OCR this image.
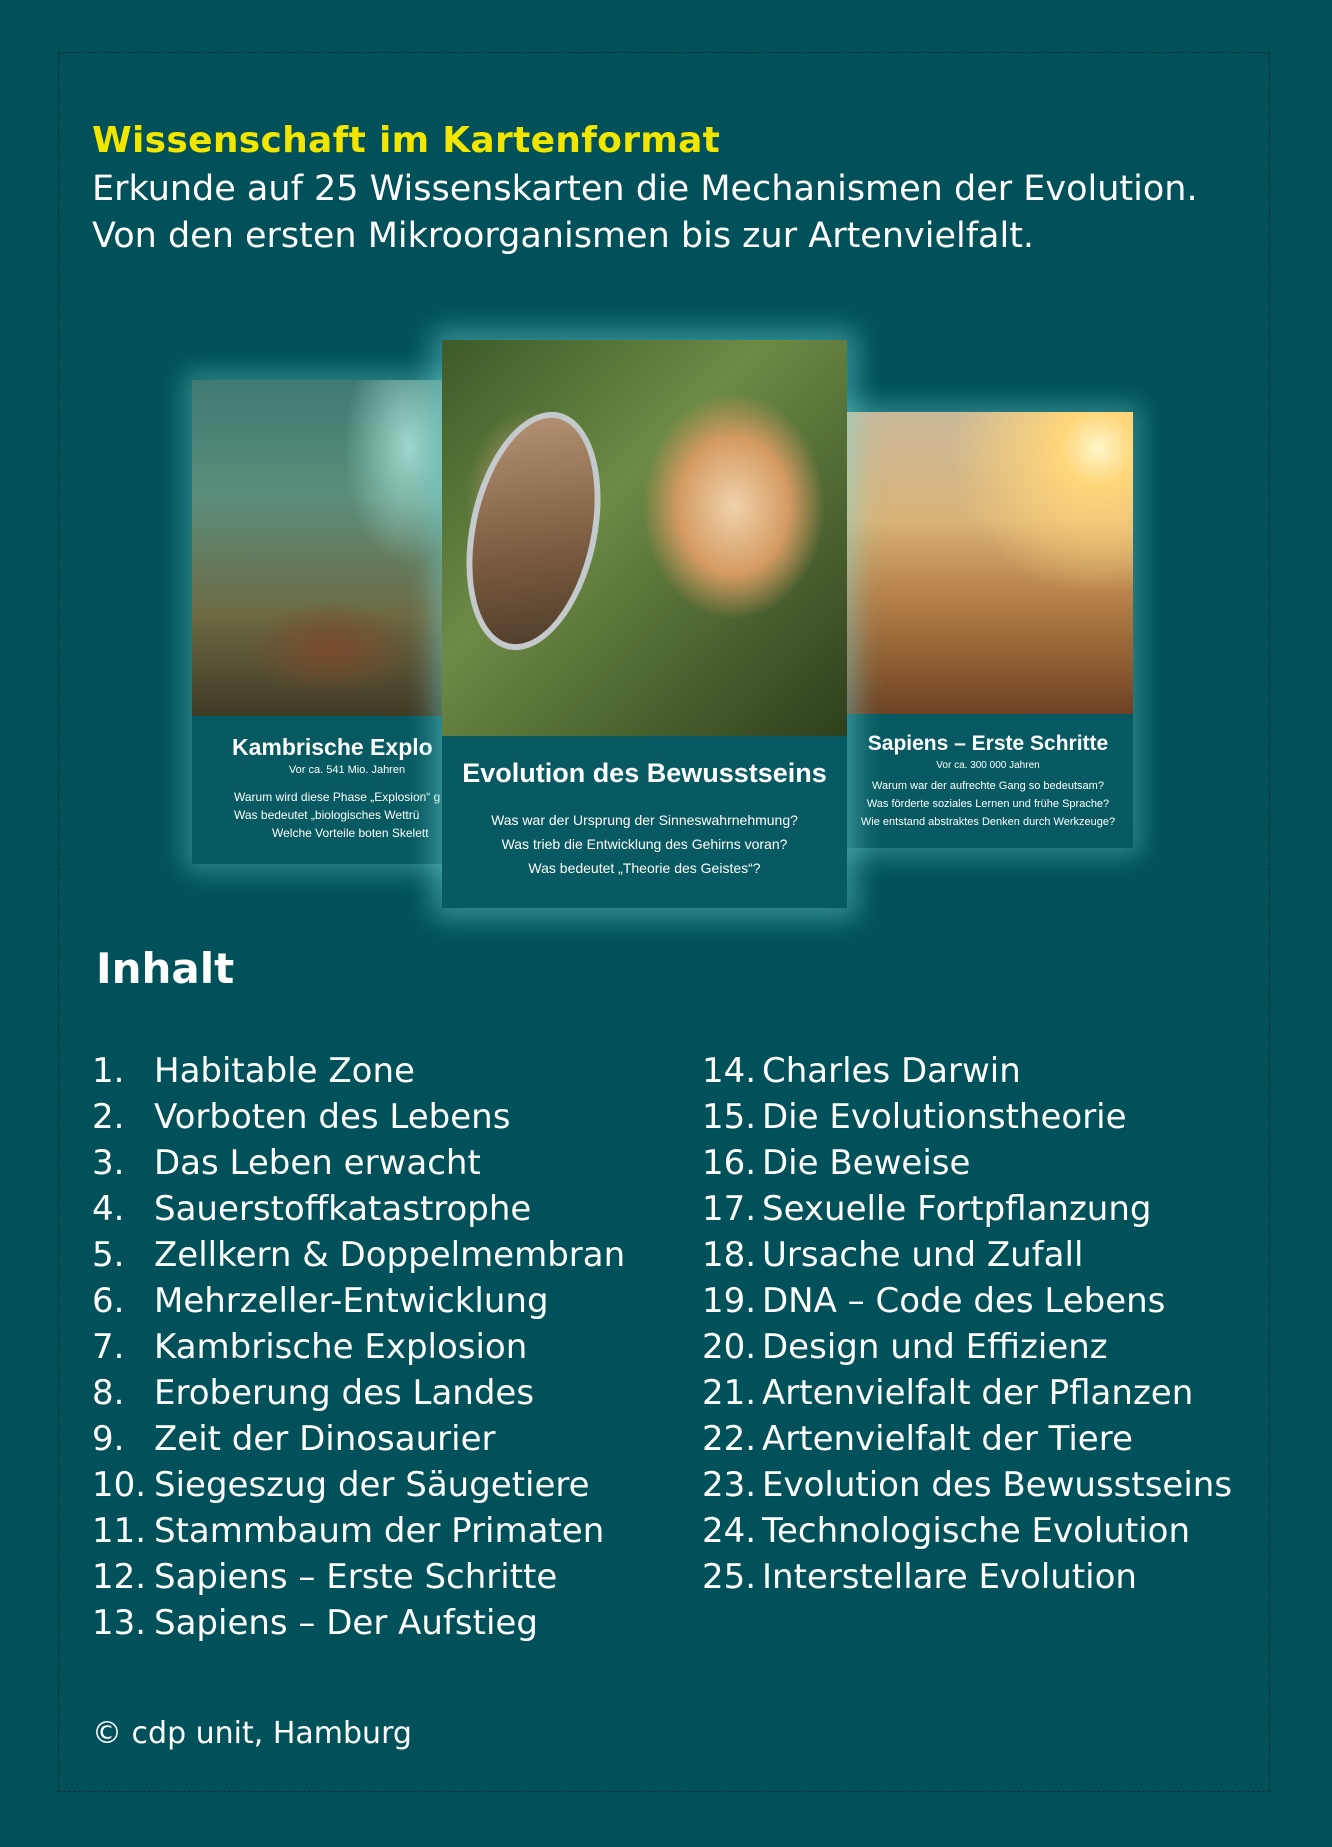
Wissenschaft im Kartenformat
Erkunde auf 25 Wissenskarten die Mechanismen der Evolution.
Von den ersten Mikroorganismen bis zur Artenvielfalt.
Kambrische Explo
Vor ca. 541 Mio. Jahren
Warum wird diese Phase „Explosion“ g
Was bedeutet „biologisches Wettrü
Welche Vorteile boten Skelett
Sapiens – Erste Schritte
Vor ca. 300 000 Jahren
Warum war der aufrechte Gang so bedeutsam?
Was förderte soziales Lernen und frühe Sprache?
Wie entstand abstraktes Denken durch Werkzeuge?
Evolution des Bewusstseins
Was war der Ursprung der Sinneswahrnehmung?
Was trieb die Entwicklung des Gehirns voran?
Was bedeutet „Theorie des Geistes“?
Inhalt
1. Habitable Zone
2. Vorboten des Lebens
3. Das Leben erwacht
4. Sauerstoffkatastrophe
5. Zellkern & Doppelmembran
6. Mehrzeller-Entwicklung
7. Kambrische Explosion
8. Eroberung des Landes
9. Zeit der Dinosaurier
10. Siegeszug der Säugetiere
11. Stammbaum der Primaten
12. Sapiens – Erste Schritte
13. Sapiens – Der Aufstieg
14. Charles Darwin
15. Die Evolutionstheorie
16. Die Beweise
17. Sexuelle Fortpflanzung
18. Ursache und Zufall
19. DNA – Code des Lebens
20. Design und Effizienz
21. Artenvielfalt der Pflanzen
22. Artenvielfalt der Tiere
23. Evolution des Bewusstseins
24. Technologische Evolution
25. Interstellare Evolution
© cdp unit, Hamburg
